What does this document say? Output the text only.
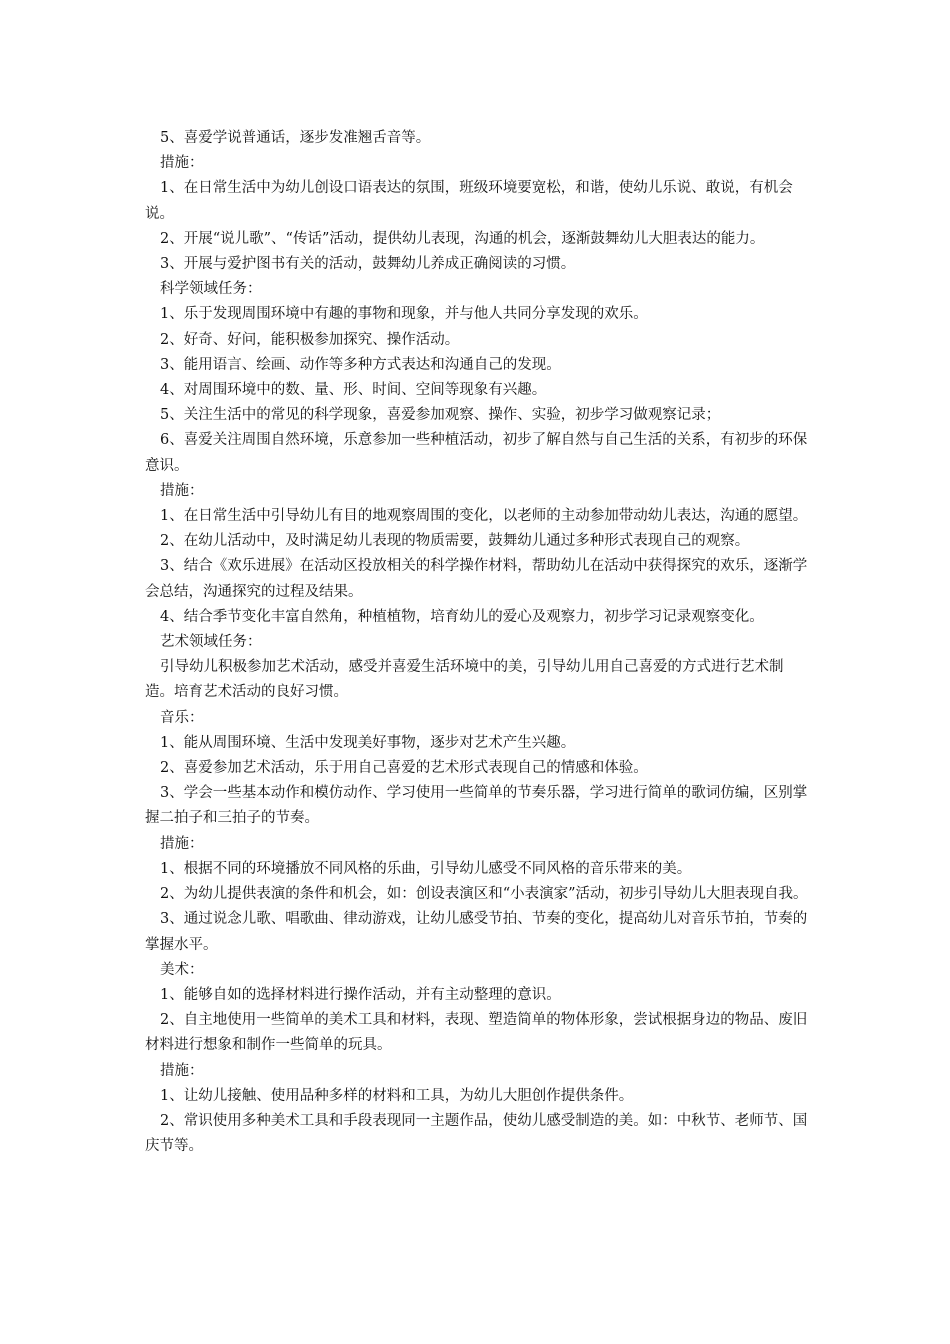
5、喜爱学说普通话，逐步发准翘舌音等。

措施：

1、在日常生活中为幼儿创设口语表达的氛围，班级环境要宽松，和谐，使幼儿乐说、敢说，有机会说。

2、开展“说儿歌”、“传话”活动，提供幼儿表现，沟通的机会，逐渐鼓舞幼儿大胆表达的能力。

3、开展与爱护图书有关的活动，鼓舞幼儿养成正确阅读的习惯。

科学领域任务：

1、乐于发现周围环境中有趣的事物和现象，并与他人共同分享发现的欢乐。

2、好奇、好问，能积极参加探究、操作活动。

3、能用语言、绘画、动作等多种方式表达和沟通自己的发现。

4、对周围环境中的数、量、形、时间、空间等现象有兴趣。

5、关注生活中的常见的科学现象，喜爱参加观察、操作、实验，初步学习做观察记录；

6、喜爱关注周围自然环境，乐意参加一些种植活动，初步了解自然与自己生活的关系，有初步的环保意识。

措施：

1、在日常生活中引导幼儿有目的地观察周围的变化，以老师的主动参加带动幼儿表达，沟通的愿望。

2、在幼儿活动中，及时满足幼儿表现的物质需要，鼓舞幼儿通过多种形式表现自己的观察。

3、结合《欢乐进展》在活动区投放相关的科学操作材料，帮助幼儿在活动中获得探究的欢乐，逐渐学会总结，沟通探究的过程及结果。

4、结合季节变化丰富自然角，种植植物，培育幼儿的爱心及观察力，初步学习记录观察变化。

艺术领域任务：

引导幼儿积极参加艺术活动，感受并喜爱生活环境中的美，引导幼儿用自己喜爱的方式进行艺术制造。培育艺术活动的良好习惯。

音乐：

1、能从周围环境、生活中发现美好事物，逐步对艺术产生兴趣。

2、喜爱参加艺术活动，乐于用自己喜爱的艺术形式表现自己的情感和体验。

3、学会一些基本动作和模仿动作、学习使用一些简单的节奏乐器，学习进行简单的歌词仿编，区别掌握二拍子和三拍子的节奏。

措施：

1、根据不同的环境播放不同风格的乐曲，引导幼儿感受不同风格的音乐带来的美。

2、为幼儿提供表演的条件和机会，如：创设表演区和“小表演家”活动，初步引导幼儿大胆表现自我。

3、通过说念儿歌、唱歌曲、律动游戏，让幼儿感受节拍、节奏的变化，提高幼儿对音乐节拍，节奏的掌握水平。

美术：

1、能够自如的选择材料进行操作活动，并有主动整理的意识。

2、自主地使用一些简单的美术工具和材料，表现、塑造简单的物体形象，尝试根据身边的物品、废旧材料进行想象和制作一些简单的玩具。

措施：

1、让幼儿接触、使用品种多样的材料和工具，为幼儿大胆创作提供条件。

2、常识使用多种美术工具和手段表现同一主题作品，使幼儿感受制造的美。如：中秋节、老师节、国庆节等。
